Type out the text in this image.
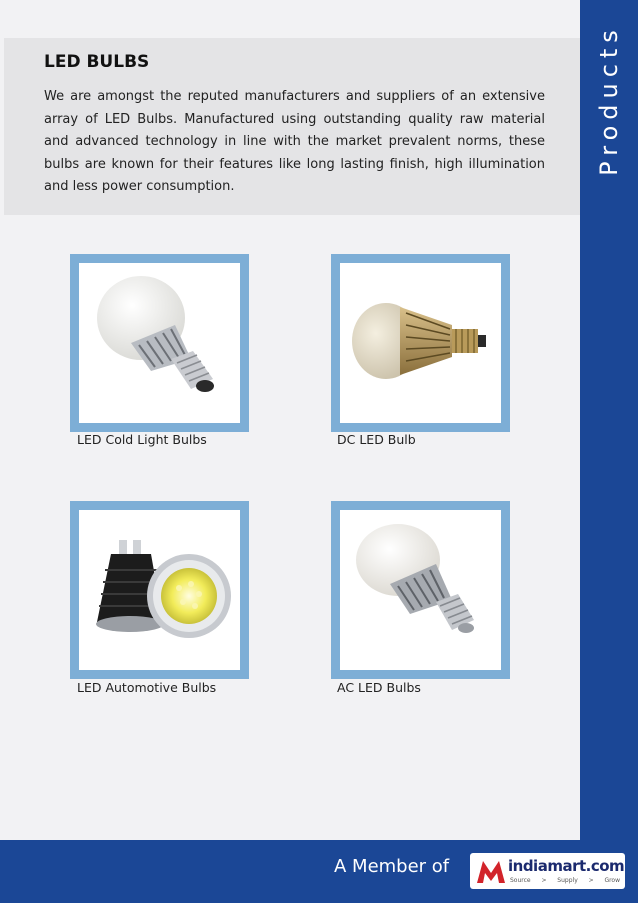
Products
LED BULBS

We are amongst the reputed manufacturers and suppliers of an extensive array of LED Bulbs. Manufactured using outstanding quality raw material and advanced technology in line with the market prevalent norms, these bulbs are known for their features like long lasting finish, high illumination and less power consumption.

LED Cold Light Bulbs	DC LED Bulb
LED Automotive Bulbs	AC LED Bulbs
A Member of	indiamart.com
Source > Supply > Grow
